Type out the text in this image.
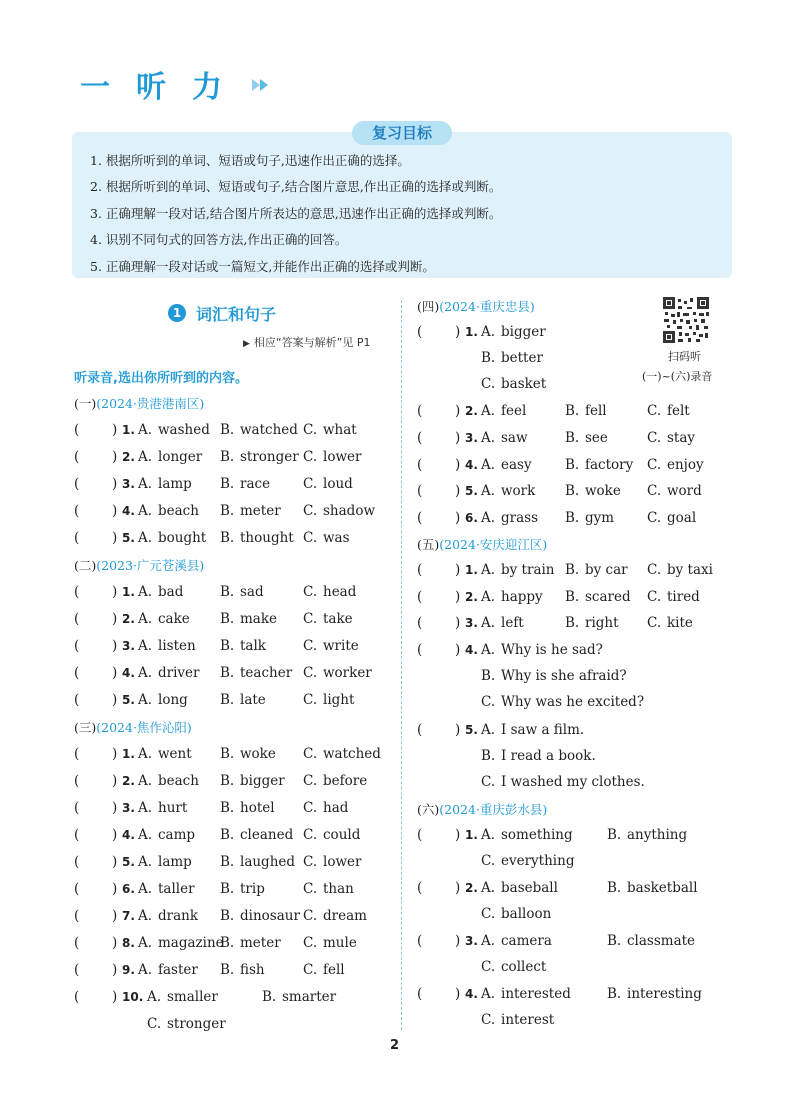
一听力
复习目标
1. 根据所听到的单词、短语或句子,迅速作出正确的选择。
2. 根据所听到的单词、短语或句子,结合图片意思,作出正确的选择或判断。
3. 正确理解一段对话,结合图片所表达的意思,迅速作出正确的选择或判断。
4. 识别不同句式的回答方法,作出正确的回答。
5. 正确理解一段对话或一篇短文,并能作出正确的选择或判断。
1 词汇和句子
▶ 相应“答案与解析”见 P1
听录音,选出你所听到的内容。
扫码听
(一)~(六)录音
(一)(2024·贵港港南区)
( ) 1. A. washed B. watched C. what
( ) 2. A. longer B. stronger C. lower
( ) 3. A. lamp B. race C. loud
( ) 4. A. beach B. meter C. shadow
( ) 5. A. bought B. thought C. was
(二)(2023·广元苍溪县)
( ) 1. A. bad	B. sad	C. head
( ) 2. A. cake B. make C. take
( ) 3. A. listen B. talk	C. write
( ) 4. A. driver B. teacher C. worker
( ) 5. A. long B. late	C. light
(三)(2024·焦作沁阳)
( ) 1. A. went B. woke C. watched
( ) 2. A. beach B. bigger C. before
( ) 3. A. hurt B. hotel C. had
( ) 4. A. camp B. cleaned C. could
( ) 5. A. lamp B. laughed C. lower
( ) 6. A. taller B. trip	C. than
( ) 7. A. drank B. dinosaur C. dream
( ) 8. A. magazine
B. meter C. mule
( ) 9. A. faster B. fish	C. fell
( ) 10. A. smaller	B. smarter
C. stronger
(四)(2024·重庆忠县)
( ) 1. A. bigger
B. better
C. basket
( ) 2. A. feel	B. fell	C. felt
( ) 3. A. saw	B. see	C. stay
( ) 4. A. easy B. factory C. enjoy
( ) 5. A. work B. woke C. word
( ) 6. A. grass B. gym C. goal
(五)(2024·安庆迎江区)
( ) 1. A. by train B. by car C. by taxi
( ) 2. A. happy B. scared C. tired
( ) 3. A. left	B. right C. kite
( ) 4. A. Why is he sad?
B. Why is she afraid?
C. Why was he excited?
( ) 5. A. I saw a film.
B. I read a book.
C. I washed my clothes.
(六)(2024·重庆彭水县)
( ) 1. A. something	B. anything
C. everything
( ) 2. A. baseball	B. basketball
C. balloon
( ) 3. A. camera	B. classmate
C. collect
( ) 4. A. interested	B. interesting
C. interest
2
